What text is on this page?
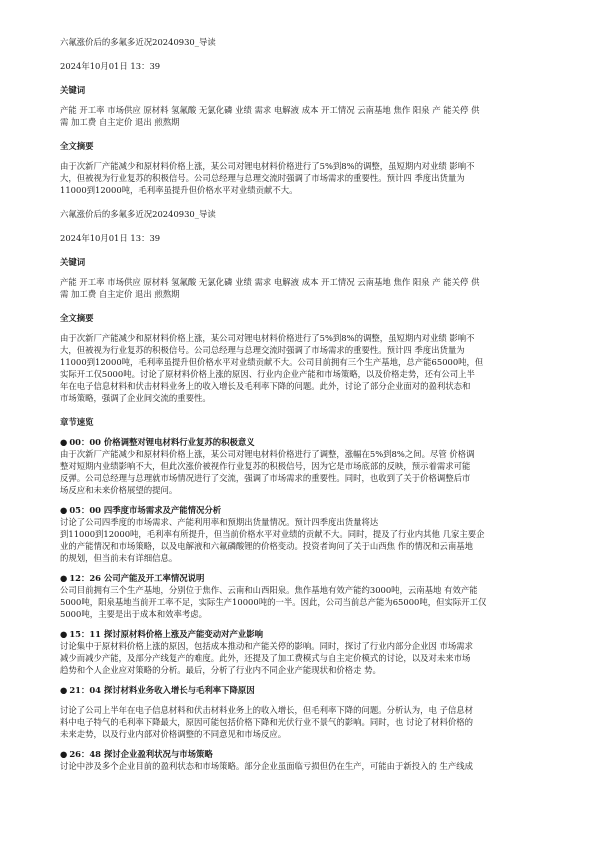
六氟涨价后的多氟多近况20240930_导读
2024年10月01日 13：39
关键词
产能 开工率 市场供应 原材料 氢氟酸 无氯化磷 业绩 需求 电解液 成本 开工情况 云南基地 焦作 阳泉 产 能关停 供
需 加工费 自主定价 退出 煎熬期
全文摘要
由于次新厂产能减少和原材料价格上涨，某公司对锂电材料价格进行了5%到8%的调整，虽短期内对业绩 影响不
大，但被视为行业复苏的积极信号。公司总经理与总理交流时强调了市场需求的重要性。预计四 季度出货量为
11000到12000吨，毛利率虽提升但价格水平对业绩贡献不大。
六氟涨价后的多氟多近况20240930_导读
2024年10月01日 13：39
关键词
产能 开工率 市场供应 原材料 氢氟酸 无氯化磷 业绩 需求 电解液 成本 开工情况 云南基地 焦作 阳泉 产 能关停 供
需 加工费 自主定价 退出 煎熬期
全文摘要
由于次新厂产能减少和原材料价格上涨，某公司对锂电材料价格进行了5%到8%的调整，虽短期内对业绩 影响不
大，但被视为行业复苏的积极信号。公司总经理与总理交流时强调了市场需求的重要性。预计四 季度出货量为
11000到12000吨，毛利率虽提升但价格水平对业绩贡献不大。公司目前拥有三个生产基地，总产能65000吨，但
实际开工仅5000吨。讨论了原材料价格上涨的原因、行业内企业产能和市场策略，以及价格走势，还有公司上半
年在电子信息材料和伏击材料业务上的收入增长及毛利率下降的问题。此外，讨论了部分企业面对的盈利状态和
市场策略，强调了企业间交流的重要性。
章节速览
● 00：00 价格调整对锂电材料行业复苏的积极意义
由于次新厂产能减少和原材料价格上涨，某公司对锂电材料价格进行了调整，涨幅在5%到8%之间。尽管 价格调
整对短期内业绩影响不大，但此次涨价被视作行业复苏的积极信号，因为它是市场底部的反映，预示着需求可能
反弹。公司总经理与总理就市场情况进行了交流，强调了市场需求的重要性。同时，也收到了关于价格调整后市
场反应和未来价格展望的提问。
● 05：00 四季度市场需求及产能情况分析
讨论了公司四季度的市场需求、产能利用率和预期出货量情况。预计四季度出货量将达
到11000到12000吨，毛利率有所提升，但当前价格水平对业绩的贡献不大。同时，提及了行业内其他 几家主要企
业的产能情况和市场策略，以及电解液和六氟磷酸锂的价格变动。投资者询问了关于山西焦 作的情况和云南基地
的规划，但当前未有详细信息。
● 12：26 公司产能及开工率情况说明
公司目前拥有三个生产基地，分别位于焦作、云南和山西阳泉。焦作基地有效产能约3000吨，云南基地 有效产能
5000吨，阳泉基地当前开工率不足，实际生产10000吨的一半。因此，公司当前总产能为65000吨，但实际开工仅
5000吨，主要是出于成本和效率考虑。
● 15：11 探讨原材料价格上涨及产能变动对产业影响
讨论集中于原材料价格上涨的原因，包括成本推动和产能关停的影响。同时，探讨了行业内部分企业因 市场需求
减少而减少产能，及部分产线复产的难度。此外，还提及了加工费模式与自主定价模式的讨论，以及对未来市场
趋势和个人企业应对策略的分析。最后，分析了行业内不同企业产能现状和价格走 势。
● 21：04 探讨材料业务收入增长与毛利率下降原因
讨论了公司上半年在电子信息材料和伏击材料业务上的收入增长，但毛利率下降的问题。分析认为，电 子信息材
料中电子特气的毛利率下降最大，原因可能包括价格下降和光伏行业不景气的影响。同时，也 讨论了材料价格的
未来走势，以及行业内部对价格调整的不同意见和市场反应。
● 26：48 探讨企业盈利状况与市场策略
讨论中涉及多个企业目前的盈利状态和市场策略。部分企业虽面临亏损但仍在生产，可能由于新投入的 生产线成
